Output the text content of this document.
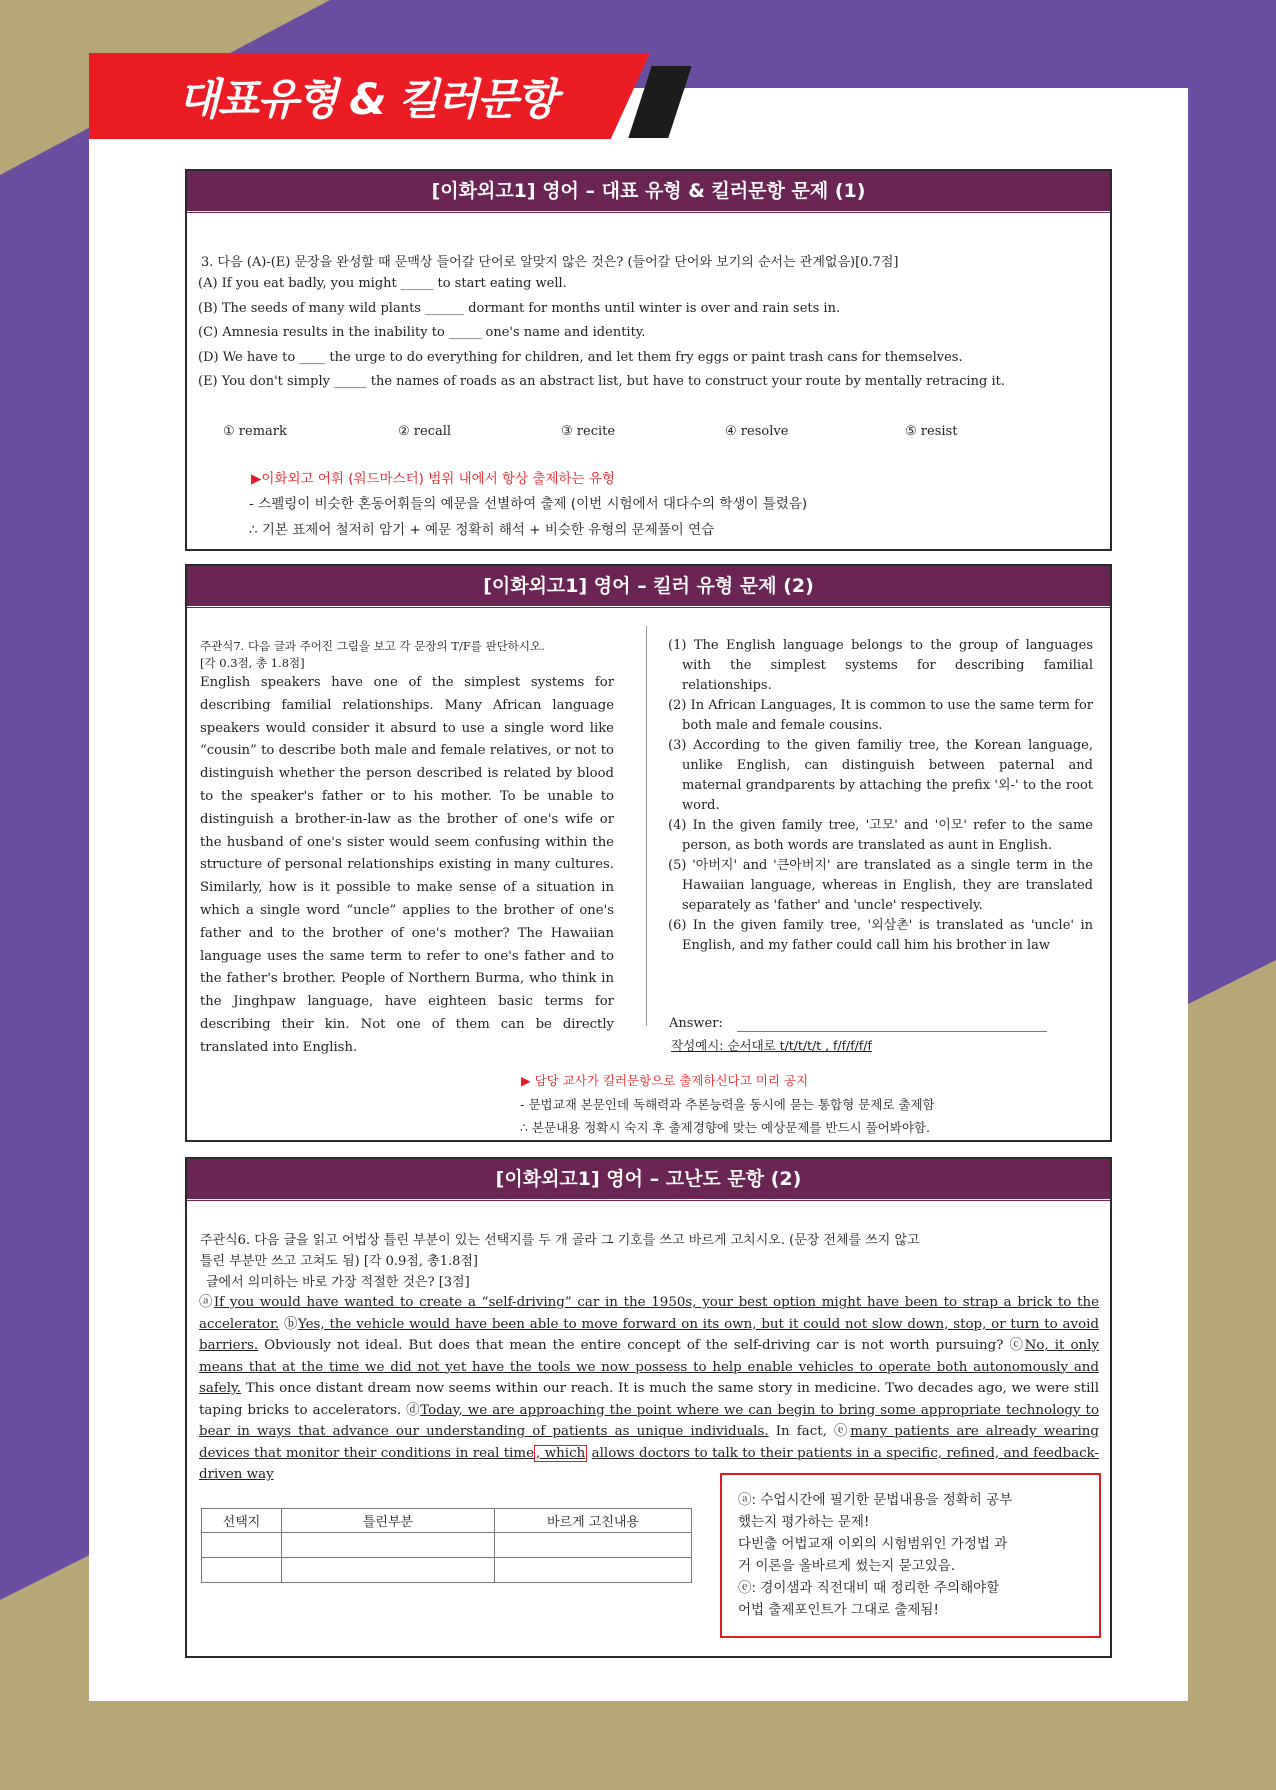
대표유형 & 킬러문항
[이화외고1] 영어 – 대표 유형 & 킬러문항 문제 (1)
3. 다음 (A)-(E) 문장을 완성할 때 문맥상 들어갈 단어로 알맞지 않은 것은? (들어갈 단어와 보기의 순서는 관계없음)[0.7점]
(A) If you eat badly, you might _____ to start eating well.
(B) The seeds of many wild plants ______ dormant for months until winter is over and rain sets in.
(C) Amnesia results in the inability to _____ one's name and identity.
(D) We have to ____ the urge to do everything for children, and let them fry eggs or paint trash cans for themselves.
(E) You don't simply _____ the names of roads as an abstract list, but have to construct your route by mentally retracing it.
① remark	② recall	③ recite	④ resolve	⑤ resist
▶이화외고 어휘 (워드마스터) 범위 내에서 항상 출제하는 유형
- 스펠링이 비슷한 혼동어휘들의 예문을 선별하여 출제 (이번 시험에서 대다수의 학생이 틀렸음)
∴ 기본 표제어 철저히 암기 + 예문 정확히 해석 + 비슷한 유형의 문제풀이 연습
[이화외고1] 영어 – 킬러 유형 문제 (2)
주관식7. 다음 글과 주어진 그림을 보고 각 문장의 T/F를 판단하시오.
[각 0.3점, 총 1.8점]
English speakers have one of the simplest systems for describing familial relationships. Many African language speakers would consider it absurd to use a single word like “cousin” to describe both male and female relatives, or not to distinguish whether the person described is related by blood to the speaker's father or to his mother. To be unable to distinguish a brother-in-law as the brother of one's wife or the husband of one's sister would seem confusing within the structure of personal relationships existing in many cultures. Similarly, how is it possible to make sense of a situation in which a single word “uncle” applies to the brother of one's father and to the brother of one's mother? The Hawaiian language uses the same term to refer to one's father and to the father's brother. People of Northern Burma, who think in the Jinghpaw language, have eighteen basic terms for describing their kin. Not one of them can be directly translated into English.
(1) The English language belongs to the group of languages with the simplest systems for describing familial relationships.
(2) In African Languages, It is common to use the same term for both male and female cousins.
(3) According to the given familiy tree, the Korean language, unlike English, can distinguish between paternal and maternal grandparents by attaching the prefix '외-' to the root word.
(4) In the given family tree, '고모' and '이모' refer to the same person, as both words are translated as aunt in English.
(5) '아버지' and '큰아버지' are translated as a single term in the Hawaiian language, whereas in English, they are translated separately as 'father' and 'uncle' respectively.
(6) In the given family tree, '외삼촌' is translated as 'uncle' in English, and my father could call him his brother in law
Answer:
작성예시: 순서대로 t/t/t/t/t , f/f/f/f/f
▶ 담당 교사가 킬러문항으로 출제하신다고 미리 공지
- 문법교재 본문인데 독해력과 추론능력을 동시에 묻는 통합형 문제로 출제함
∴ 본문내용 정확시 숙지 후 출제경향에 맞는 예상문제를 반드시 풀어봐야함.
[이화외고1] 영어 – 고난도 문항 (2)
주관식6. 다음 글을 읽고 어법상 틀린 부분이 있는 선택지를 두 개 골라 그 기호를 쓰고 바르게 고치시오. (문장 전체를 쓰지 않고
틀린 부분만 쓰고 고쳐도 됨) [각 0.9점, 총1.8점]
글에서 의미하는 바로 가장 적절한 것은? [3점]
ⓐIf you would have wanted to create a “self-driving” car in the 1950s, your best option might have been to strap a brick to the accelerator. ⓑYes, the vehicle would have been able to move forward on its own, but it could not slow down, stop, or turn to avoid barriers. Obviously not ideal. But does that mean the entire concept of the self-driving car is not worth pursuing? ⓒNo, it only means that at the time we did not yet have the tools we now possess to help enable vehicles to operate both autonomously and safely. This once distant dream now seems within our reach. It is much the same story in medicine. Two decades ago, we were still taping bricks to accelerators. ⓓToday, we are approaching the point where we can begin to bring some appropriate technology to bear in ways that advance our understanding of patients as unique individuals. In fact, ⓔmany patients are already wearing devices that monitor their conditions in real time , which allows doctors to talk to their patients in a specific, refined, and feedback-driven way
선택지	틀린부분	바르게 고친내용

ⓐ: 수업시간에 필기한 문법내용을 정확히 공부
했는지 평가하는 문제!
다빈출 어법교재 이외의 시험범위인 가정법 과
거 이론을 올바르게 썼는지 묻고있음.
ⓔ: 경이샘과 직전대비 때 정리한 주의해야할
어법 출제포인트가 그대로 출제됨!
